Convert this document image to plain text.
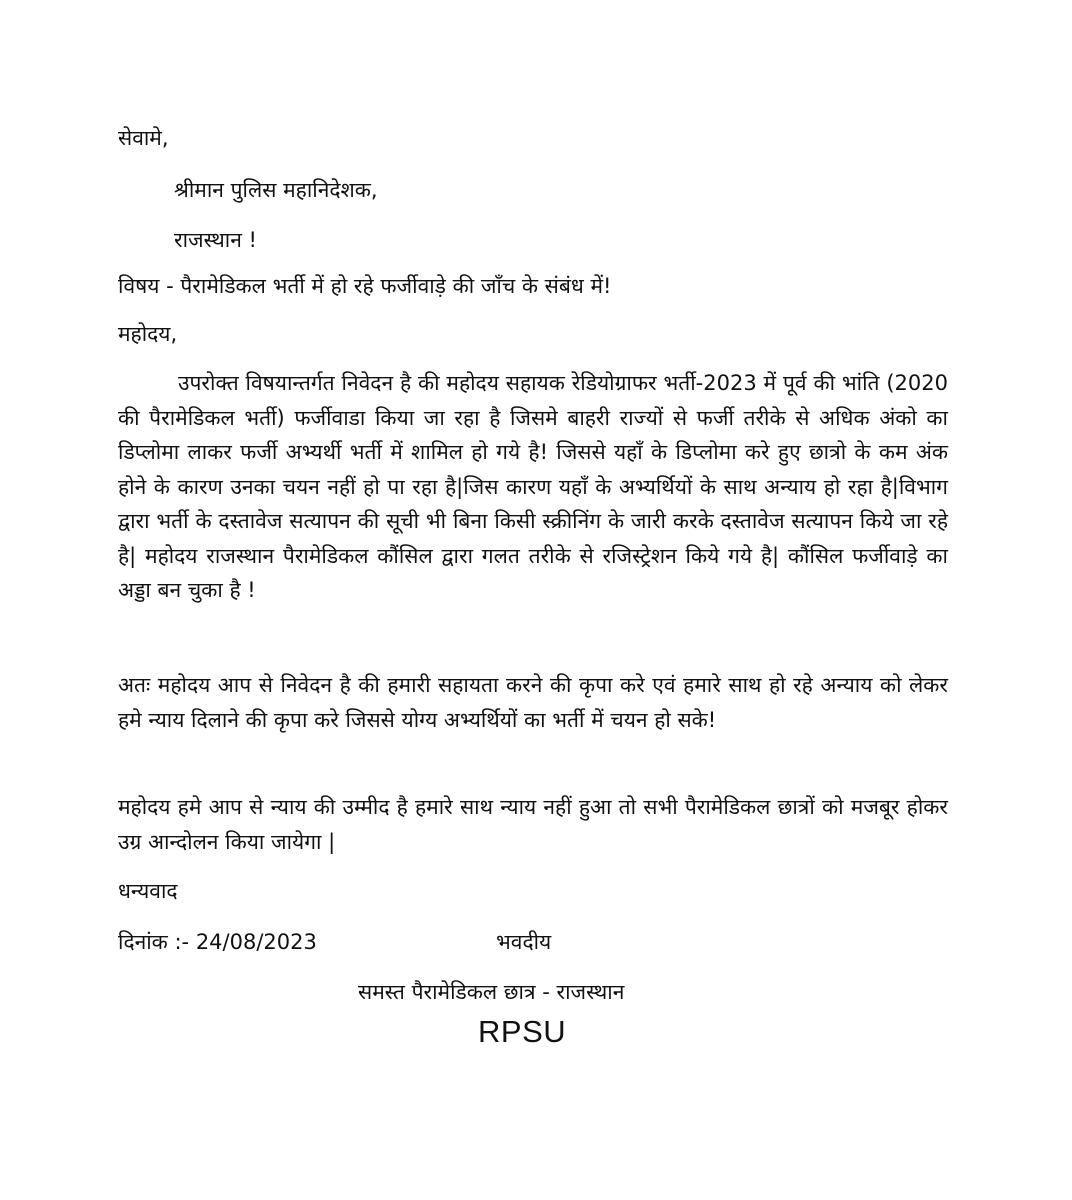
सेवामे,
श्रीमान पुलिस महानिदेशक,
राजस्थान !
विषय - पैरामेडिकल भर्ती में हो रहे फर्जीवाड़े की जाँच के संबंध में!
महोदय,
उपरोक्त विषयान्तर्गत निवेदन है की महोदय सहायक रेडियोग्राफर भर्ती-2023 में पूर्व की भांति (2020 की पैरामेडिकल भर्ती) फर्जीवाडा किया जा रहा है जिसमे बाहरी राज्यों से फर्जी तरीके से अधिक अंको का डिप्लोमा लाकर फर्जी अभ्यर्थी भर्ती में शामिल हो गये है! जिससे यहाँ के डिप्लोमा करे हुए छात्रो के कम अंक होने के कारण उनका चयन नहीं हो पा रहा है|जिस कारण यहाँ के अभ्यर्थियों के साथ अन्याय हो रहा है|विभाग द्वारा भर्ती के दस्तावेज सत्यापन की सूची भी बिना किसी स्क्रीनिंग के जारी करके दस्तावेज सत्यापन किये जा रहे है| महोदय राजस्थान पैरामेडिकल कौंसिल द्वारा गलत तरीके से रजिस्ट्रेशन किये गये है| कौंसिल फर्जीवाड़े का अड्डा बन चुका है !
अतः महोदय आप से निवेदन है की हमारी सहायता करने की कृपा करे एवं हमारे साथ हो रहे अन्याय को लेकर हमे न्याय दिलाने की कृपा करे जिससे योग्य अभ्यर्थियों का भर्ती में चयन हो सके!
महोदय हमे आप से न्याय की उम्मीद है हमारे साथ न्याय नहीं हुआ तो सभी पैरामेडिकल छात्रों को मजबूर होकर उग्र आन्दोलन किया जायेगा |
धन्यवाद
दिनांक :- 24/08/2023	भवदीय
समस्त पैरामेडिकल छात्र - राजस्थान
RPSU
